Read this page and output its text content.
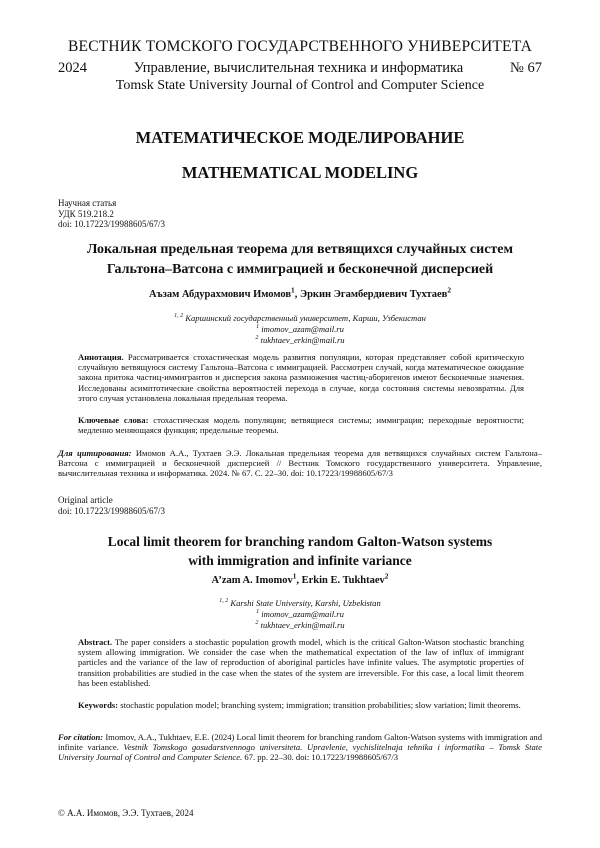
ВЕСТНИК ТОМСКОГО ГОСУДАРСТВЕННОГО УНИВЕРСИТЕТА
2024	Управление, вычислительная техника и информатика	№ 67
Tomsk State University Journal of Control and Computer Science
МАТЕМАТИЧЕСКОЕ МОДЕЛИРОВАНИЕ
MATHEMATICAL MODELING
Научная статья
УДК 519.218.2
doi: 10.17223/19988605/67/3
Локальная предельная теорема для ветвящихся случайных систем
Гальтона–Ватсона с иммиграцией и бесконечной дисперсией
Аъзам Абдурахмович Имомов$^1$, Эркин Эгамбердиевич Тухтаев$^2$
$^{1, 2}$ Каршинский государственный университет, Карши, Узбекистан
$^1$ imomov_azam@mail.ru
$^2$ tukhtaev_erkin@mail.ru

Аннотация. Рассматривается стохастическая модель развития популяции, которая представляет собой критическую случайную ветвящуюся систему Гальтона–Ватсона с иммиграцией. Рассмотрен случай, когда математическое ожидание закона притока частиц-иммигрантов и дисперсия закона размножения частиц-аборигенов имеют бесконечные значения. Исследованы асимптотические свойства вероятностей перехода в случае, когда состояния системы невозвратны. Для этого случая установлена локальная предельная теорема.

Ключевые слова: стохастическая модель популяции; ветвящиеся системы; иммиграция; переходные вероятности; медленно меняющаяся функция; предельные теоремы.

Для цитирования: Имомов А.А., Тухтаев Э.Э. Локальная предельная теорема для ветвящихся случайных систем Гальтона–Ватсона с иммиграцией и бесконечной дисперсией // Вестник Томского государственного университета. Управление, вычислительная техника и информатика. 2024. № 67. С. 22–30. doi: 10.17223/19988605/67/3

Original article
doi: 10.17223/19988605/67/3
Local limit theorem for branching random Galton-Watson systems
with immigration and infinite variance
A’zam A. Imomov$^1$, Erkin E. Tukhtaev$^2$
$^{1, 2}$ Karshi State University, Karshi, Uzbekistan
$^1$ imomov_azam@mail.ru
$^2$ tukhtaev_erkin@mail.ru

Abstract. The paper considers a stochastic population growth model, which is the critical Galton-Watson stochastic branching system allowing immigration. We consider the case when the mathematical expectation of the law of influx of immigrant particles and the variance of the law of reproduction of aboriginal particles have infinite values. The asymptotic properties of transition probabilities are studied in the case when the states of the system are irreversible. For this case, a local limit theorem has been established.

Keywords: stochastic population model; branching system; immigration; transition probabilities; slow variation; limit theorems.

For citation: Imomov, A.A., Tukhtaev, E.E. (2024) Local limit theorem for branching random Galton-Watson systems with immigration and infinite variance. Vestnik Tomskogo gosudarstvennogo universiteta. Upravlenie, vychislitelnaja tehnika i informatika – Tomsk State University Journal of Control and Computer Science. 67. pp. 22–30. doi: 10.17223/19988605/67/3

© А.А. Имомов, Э.Э. Тухтаев, 2024
